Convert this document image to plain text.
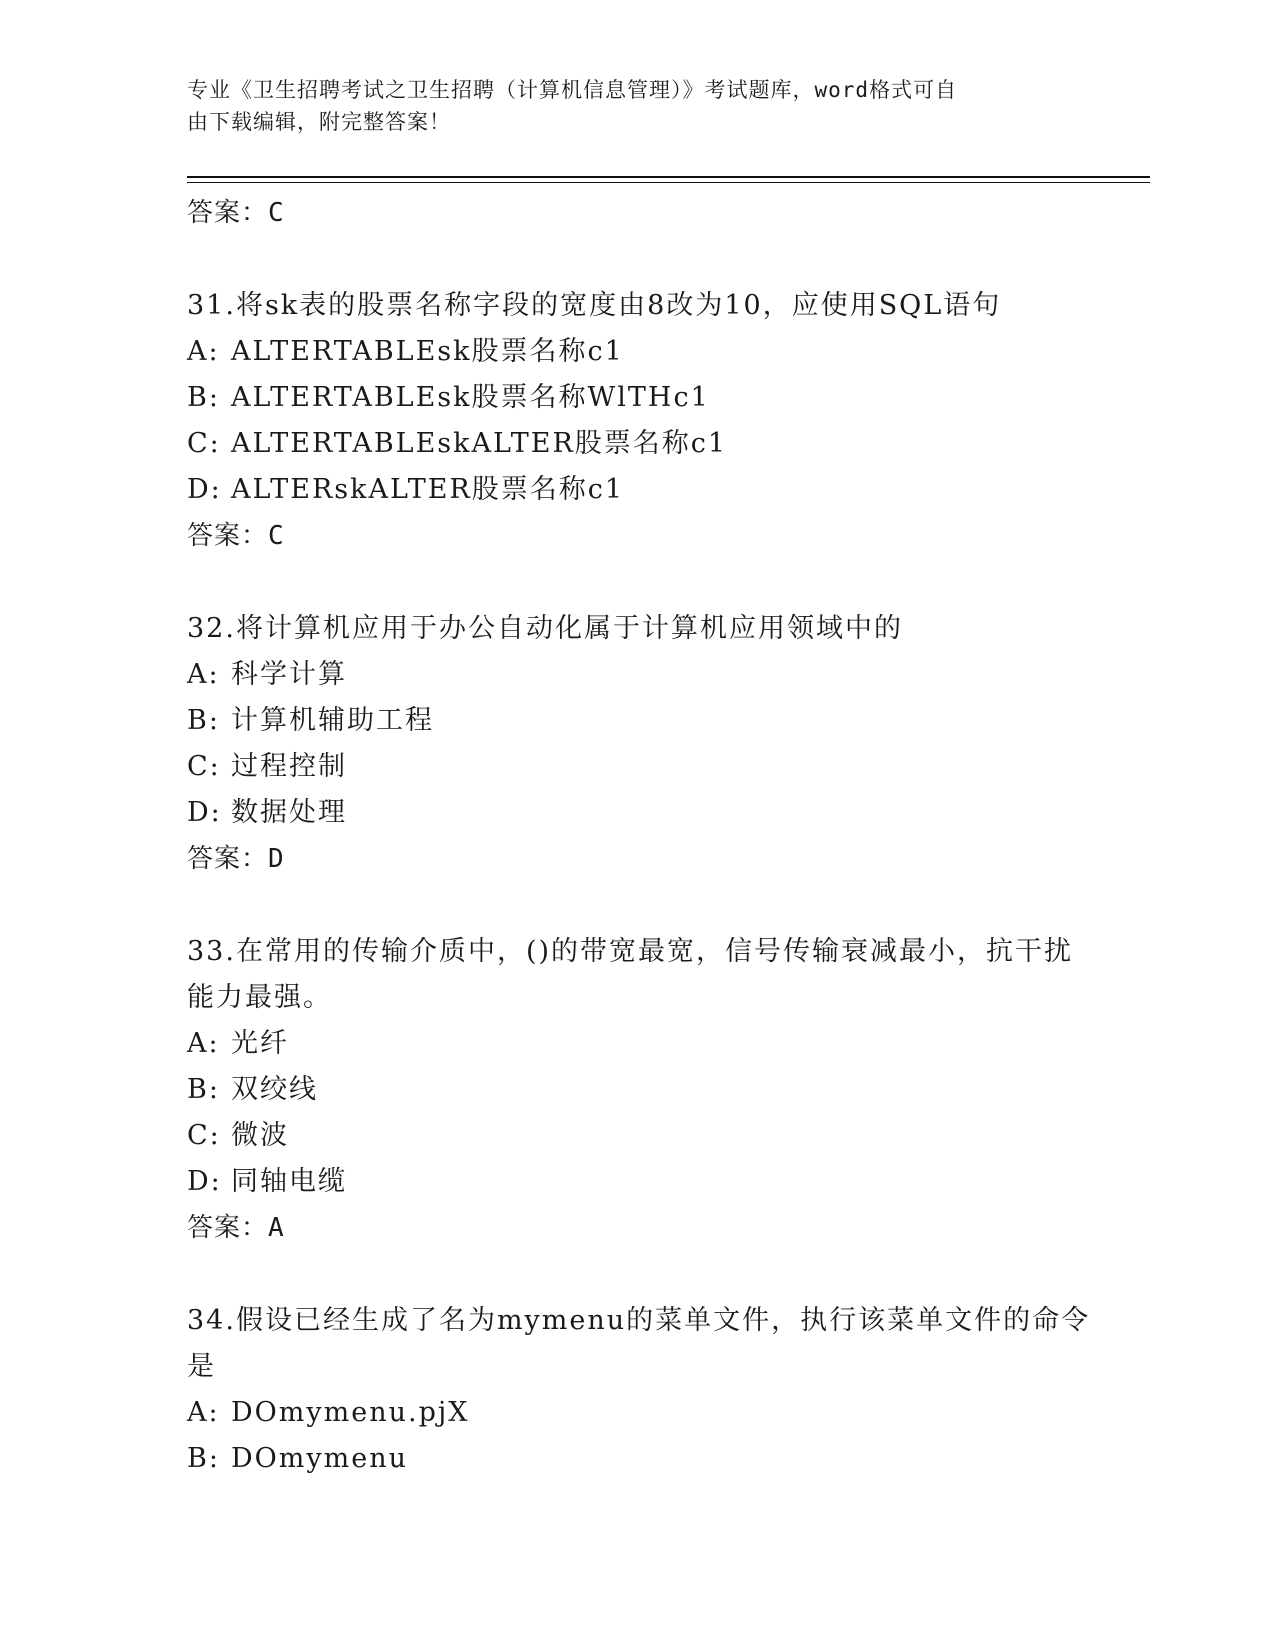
专业《卫生招聘考试之卫生招聘（计算机信息管理）》考试题库，word格式可自
由下载编辑，附完整答案！
答案：C
31.将sk表的股票名称字段的宽度由8改为10，应使用SQL语句
A: ALTERTABLEsk股票名称c1
B: ALTERTABLEsk股票名称WlTHc1
C: ALTERTABLEskALTER股票名称c1
D: ALTERskALTER股票名称c1
答案：C
32.将计算机应用于办公自动化属于计算机应用领域中的
A: 科学计算
B: 计算机辅助工程
C: 过程控制
D: 数据处理
答案：D
33.在常用的传输介质中，()的带宽最宽，信号传输衰减最小，抗干扰
能力最强。
A: 光纤
B: 双绞线
C: 微波
D: 同轴电缆
答案：A
34.假设已经生成了名为mymenu的菜单文件，执行该菜单文件的命令
是
A: DOmymenu.pjX
B: DOmymenu
